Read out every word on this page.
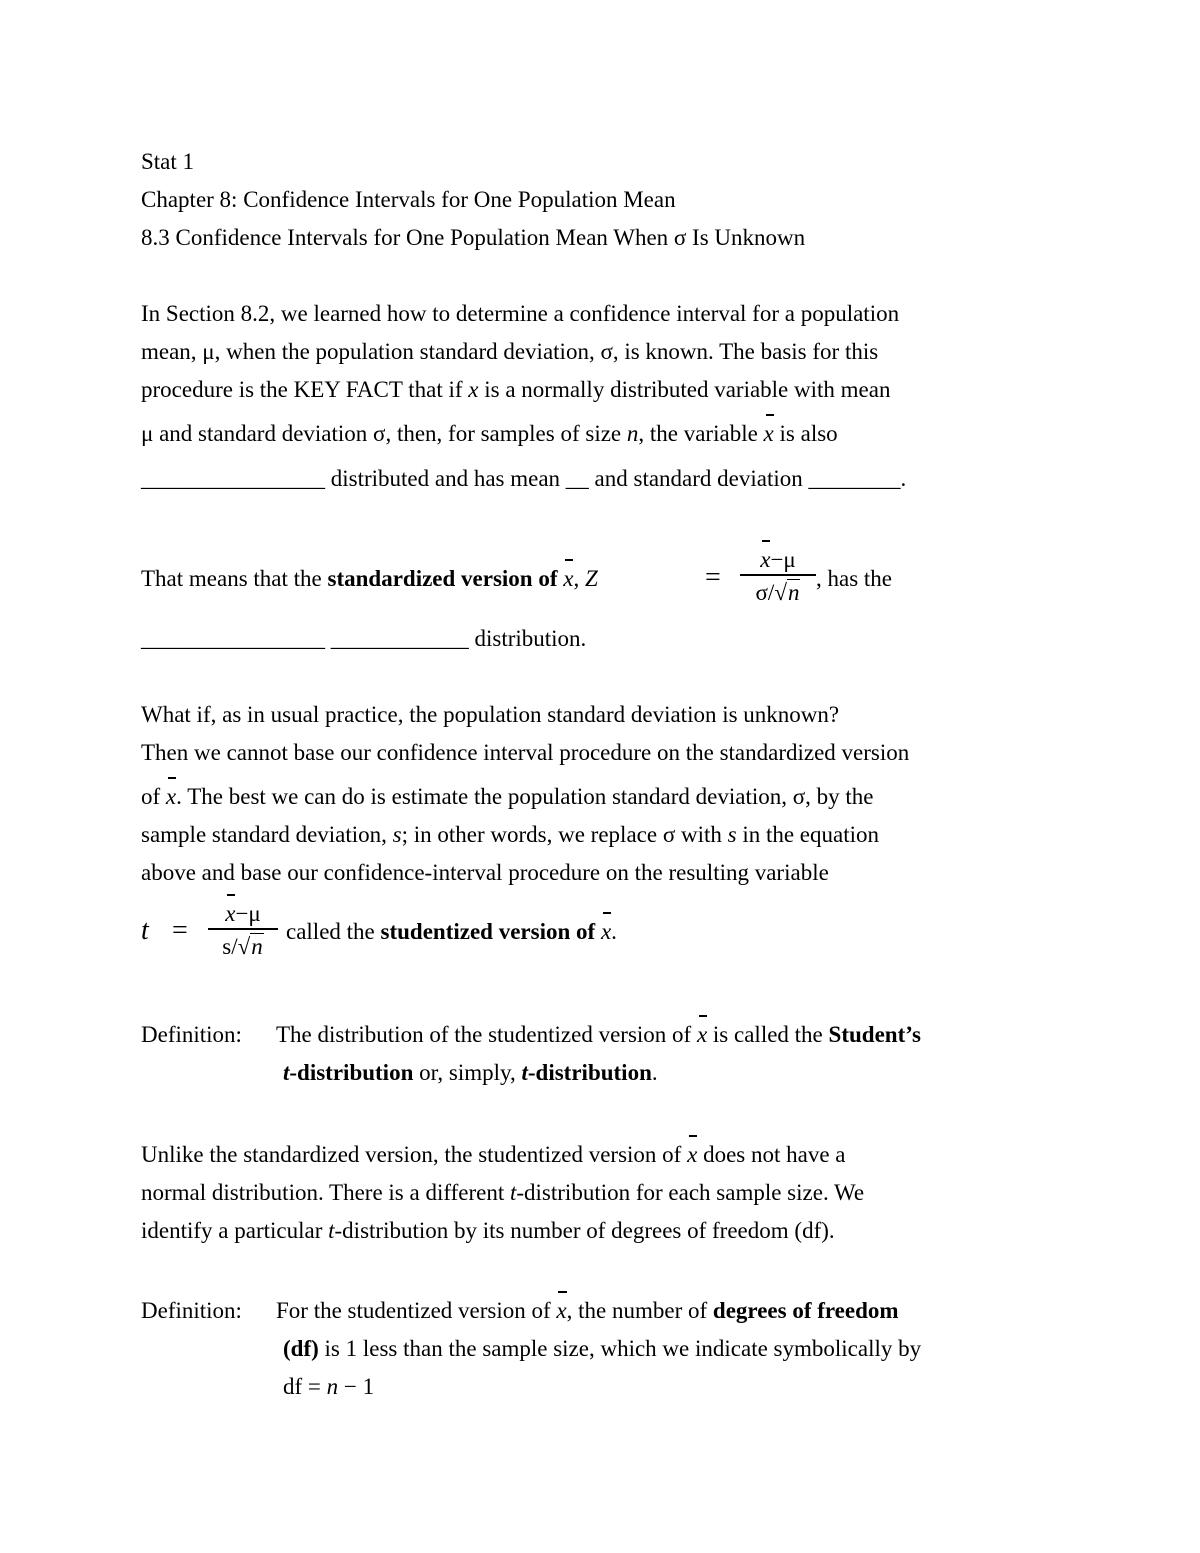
Stat 1
Chapter 8: Confidence Intervals for One Population Mean
8.3 Confidence Intervals for One Population Mean When σ Is Unknown
In Section 8.2, we learned how to determine a confidence interval for a population
mean, μ, when the population standard deviation, σ, is known. The basis for this
procedure is the KEY FACT that if x is a normally distributed variable with mean
μ and standard deviation σ, then, for samples of size n, the variable x is also
________________ distributed and has mean __ and standard deviation ________.
That means that the standardized version of x, Z	=
x−μ
σ/√n
, has the
________________ ____________ distribution.
What if, as in usual practice, the population standard deviation is unknown?
Then we cannot base our confidence interval procedure on the standardized version
of x. The best we can do is estimate the population standard deviation, σ, by the
sample standard deviation, s; in other words, we replace σ with s in the equation
above and base our confidence-interval procedure on the resulting variable
t =
x−μ
s/√n
called the studentized version of x.
Definition: The distribution of the studentized version of x is called the Student’s
t-distribution or, simply, t-distribution.
Unlike the standardized version, the studentized version of x does not have a
normal distribution. There is a different t-distribution for each sample size. We
identify a particular t-distribution by its number of degrees of freedom (df).
Definition: For the studentized version of x, the number of degrees of freedom
(df) is 1 less than the sample size, which we indicate symbolically by
df = n − 1
